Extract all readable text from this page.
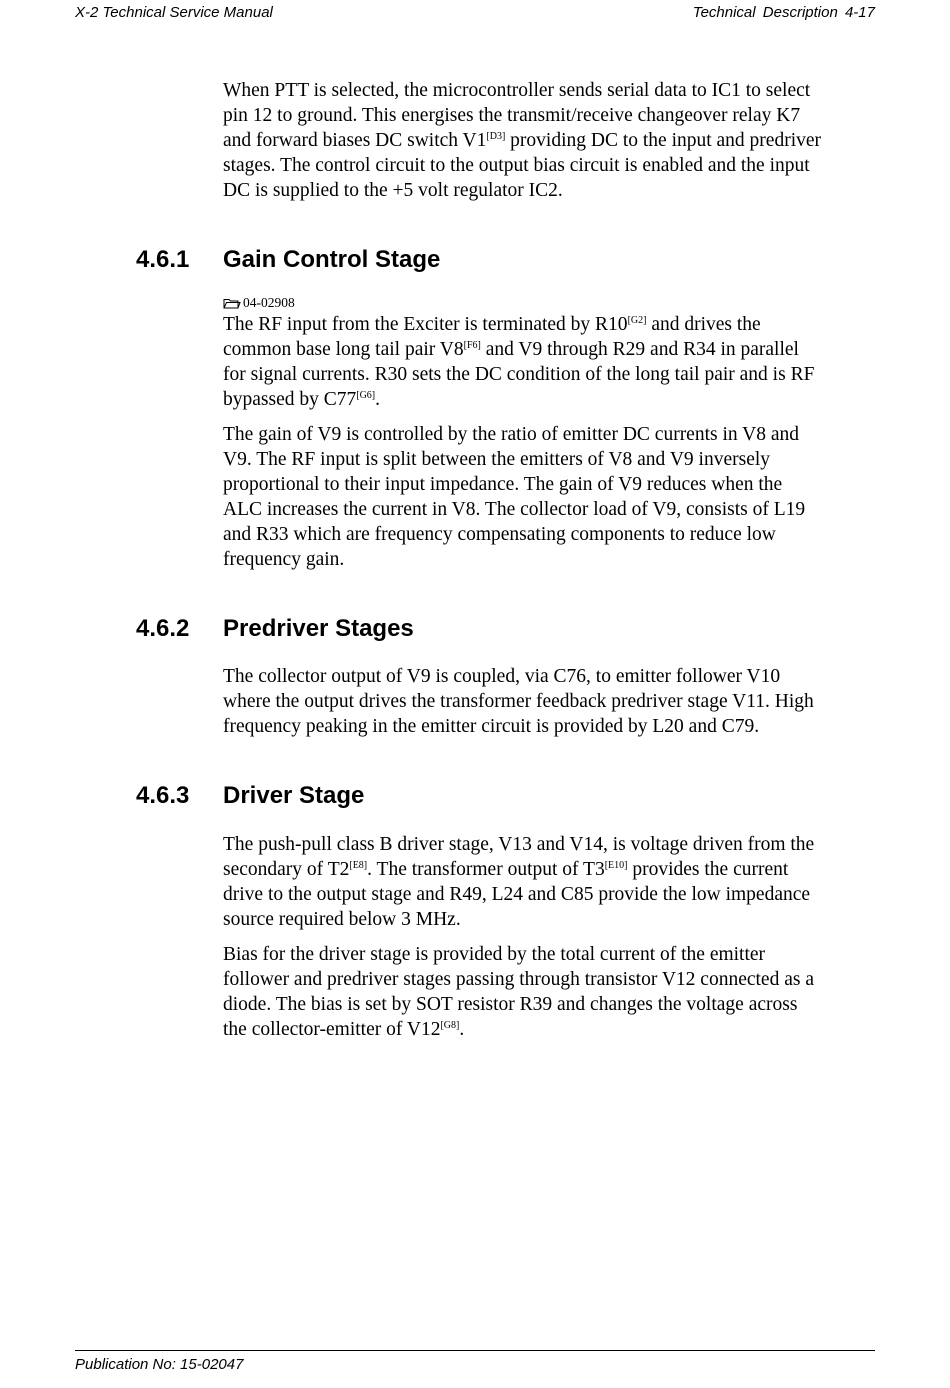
X-2 Technical Service Manual	Technical Description 4-17

When PTT is selected, the microcontroller sends serial data to IC1 to select
pin 12 to ground. This energises the transmit/receive changeover relay K7
and forward biases DC switch V1[D3] providing DC to the input and predriver
stages. The control circuit to the output bias circuit is enabled and the input
DC is supplied to the +5 volt regulator IC2.

4.6.1 Gain Control Stage
04-02908

The RF input from the Exciter is terminated by R10[G2] and drives the
common base long tail pair V8[F6] and V9 through R29 and R34 in parallel
for signal currents. R30 sets the DC condition of the long tail pair and is RF
bypassed by C77[G6].

The gain of V9 is controlled by the ratio of emitter DC currents in V8 and
V9. The RF input is split between the emitters of V8 and V9 inversely
proportional to their input impedance. The gain of V9 reduces when the
ALC increases the current in V8. The collector load of V9, consists of L19
and R33 which are frequency compensating components to reduce low
frequency gain.

4.6.2 Predriver Stages

The collector output of V9 is coupled, via C76, to emitter follower V10
where the output drives the transformer feedback predriver stage V11. High
frequency peaking in the emitter circuit is provided by L20 and C79.

4.6.3 Driver Stage

The push-pull class B driver stage, V13 and V14, is voltage driven from the
secondary of T2[E8]. The transformer output of T3[E10] provides the current
drive to the output stage and R49, L24 and C85 provide the low impedance
source required below 3 MHz.

Bias for the driver stage is provided by the total current of the emitter
follower and predriver stages passing through transistor V12 connected as a
diode. The bias is set by SOT resistor R39 and changes the voltage across
the collector-emitter of V12[G8].

Publication No: 15-02047
